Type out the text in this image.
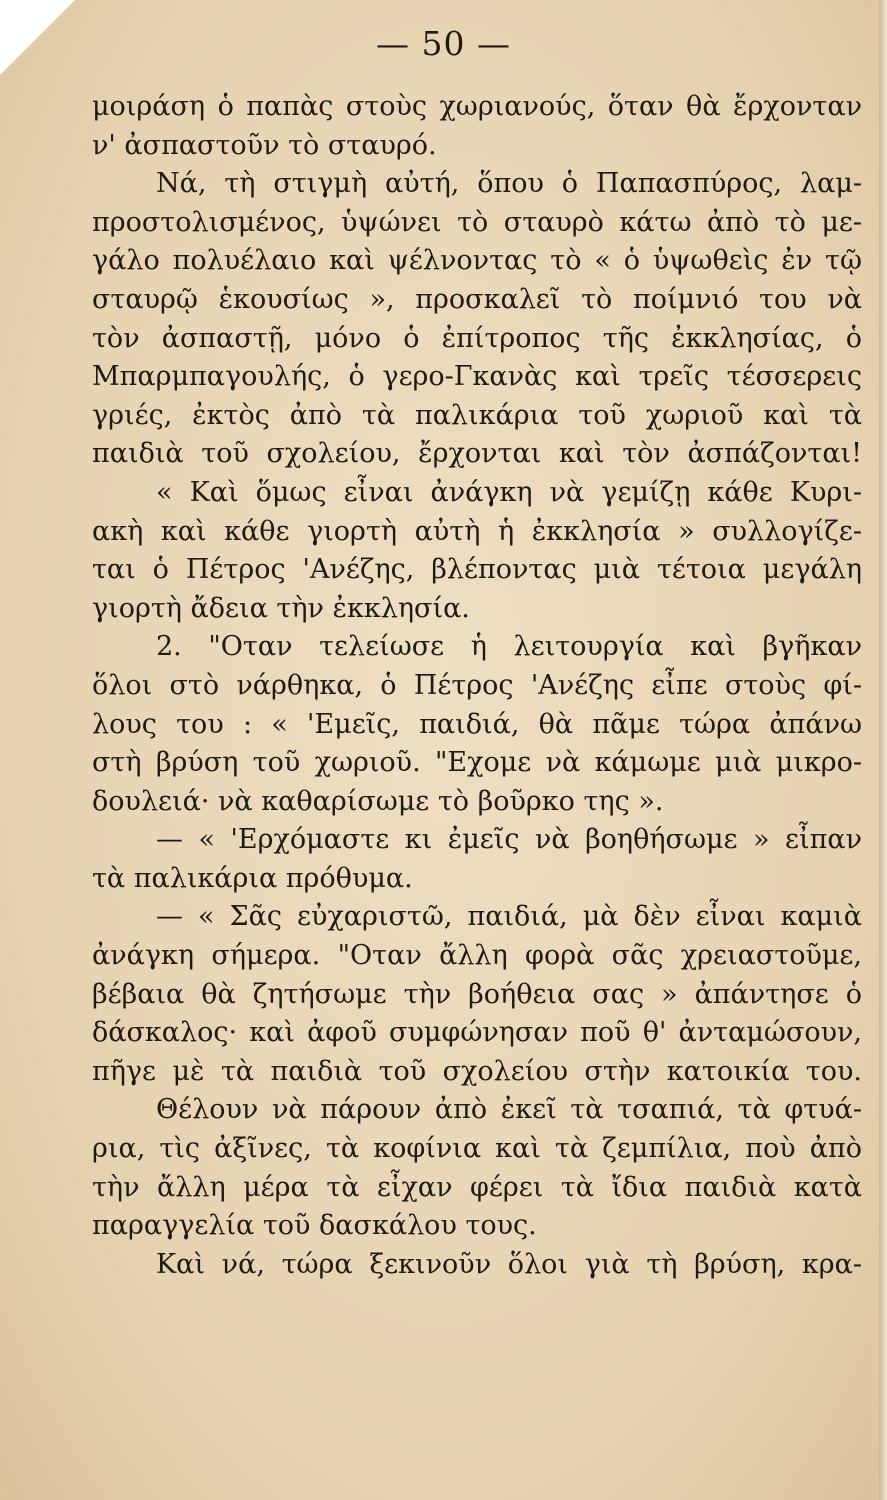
— 50 —
μοιράση ὁ παπὰς στοὺς χωριανούς, ὅταν θὰ ἔρχονταν
ν' ἀσπαστοῦν τὸ σταυρό.
Νά, τὴ στιγμὴ αὐτή, ὅπου ὁ Παπασπύρος, λαμ-
προστολισμένος, ὑψώνει τὸ σταυρὸ κάτω ἀπὸ τὸ με-
γάλο πολυέλαιο καὶ ψέλνοντας τὸ « ὁ ὑψωθεὶς ἐν τῷ
σταυρῷ ἑκουσίως », προσκαλεῖ τὸ ποίμνιό του νὰ
τὸν ἀσπαστῇ, μόνο ὁ ἐπίτροπος τῆς ἐκκλησίας, ὁ
Μπαρμπαγουλής, ὁ γερο-Γκανὰς καὶ τρεῖς τέσσερεις
γριές, ἐκτὸς ἀπὸ τὰ παλικάρια τοῦ χωριοῦ καὶ τὰ
παιδιὰ τοῦ σχολείου, ἔρχονται καὶ τὸν ἀσπάζονται!
« Καὶ ὅμως εἶναι ἀνάγκη νὰ γεμίζῃ κάθε Κυρι-
ακὴ καὶ κάθε γιορτὴ αὐτὴ ἡ ἐκκλησία » συλλογίζε-
ται ὁ Πέτρος 'Ανέζης, βλέποντας μιὰ τέτοια μεγάλη
γιορτὴ ἄδεια τὴν ἐκκλησία.
2. "Οταν τελείωσε ἡ λειτουργία καὶ βγῆκαν
ὅλοι στὸ νάρθηκα, ὁ Πέτρος 'Ανέζης εἶπε στοὺς φί-
λους του : « 'Εμεῖς, παιδιά, θὰ πᾶμε τώρα ἀπάνω
στὴ βρύση τοῦ χωριοῦ. "Εχομε νὰ κάμωμε μιὰ μικρο-
δουλειά· νὰ καθαρίσωμε τὸ βοῦρκο της ».
— « 'Ερχόμαστε κι ἐμεῖς νὰ βοηθήσωμε » εἶπαν
τὰ παλικάρια πρόθυμα.
— « Σᾶς εὐχαριστῶ, παιδιά, μὰ δὲν εἶναι καμιὰ
ἀνάγκη σήμερα. "Οταν ἄλλη φορὰ σᾶς χρειαστοῦμε,
βέβαια θὰ ζητήσωμε τὴν βοήθεια σας » ἀπάντησε ὁ
δάσκαλος· καὶ ἀφοῦ συμφώνησαν ποῦ θ' ἀνταμώσουν,
πῆγε μὲ τὰ παιδιὰ τοῦ σχολείου στὴν κατοικία του.
Θέλουν νὰ πάρουν ἀπὸ ἐκεῖ τὰ τσαπιά, τὰ φτυά-
ρια, τὶς ἀξῖνες, τὰ κοφίνια καὶ τὰ ζεμπίλια, ποὺ ἀπὸ
τὴν ἄλλη μέρα τὰ εἶχαν φέρει τὰ ἴδια παιδιὰ κατὰ
παραγγελία τοῦ δασκάλου τους.
Καὶ νά, τώρα ξεκινοῦν ὅλοι γιὰ τὴ βρύση, κρα-
